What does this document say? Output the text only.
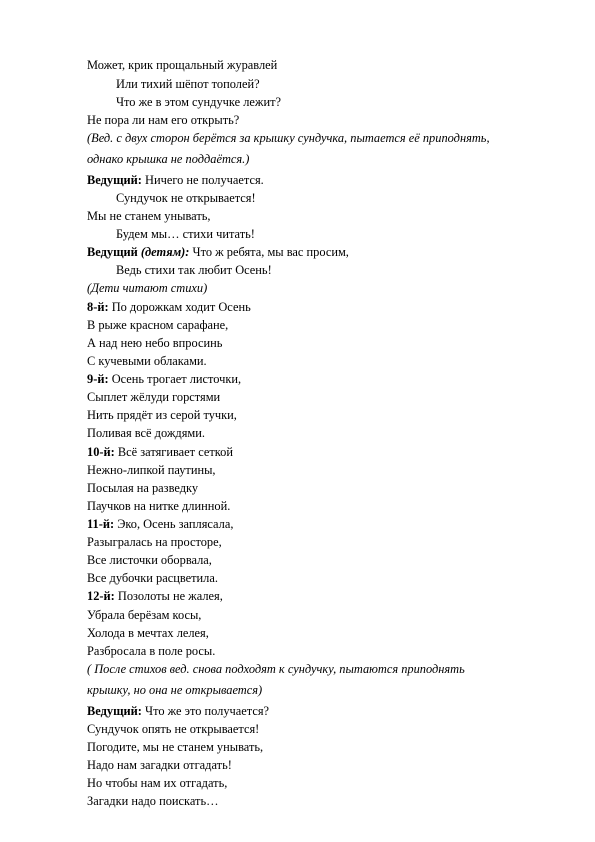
Может, крик прощальный журавлей
Или тихий шёпот тополей?
Что же в этом сундучке лежит?
Не пора ли нам его открыть?
(Вед. с двух сторон берётся за крышку сундучка, пытается её приподнять,
однако крышка не поддаётся.)
Ведущий: Ничего не получается.
Сундучок не открывается!
Мы не станем унывать,
Будем мы… стихи читать!
Ведущий (детям): Что ж ребята, мы вас просим,
Ведь стихи так любит Осень!
(Дети читают стихи)
8-й: По дорожкам ходит Осень
В рыже красном сарафане,
А над нею небо впросинь
С кучевыми облаками.
9-й: Осень трогает листочки,
Сыплет жёлуди горстями
Нить прядёт из серой тучки,
Поливая всё дождями.
10-й: Всё затягивает сеткой
Нежно-липкой паутины,
Посылая на разведку
Паучков на нитке длинной.
11-й: Эко, Осень заплясала,
Разыгралась на просторе,
Все листочки оборвала,
Все дубочки расцветила.
12-й: Позолоты не жалея,
Убрала берёзам косы,
Холода в мечтах лелея,
Разбросала в поле росы.
( После стихов вед. снова подходят к сундучку, пытаются приподнять
крышку, но она не открывается)
Ведущий: Что же это получается?
Сундучок опять не открывается!
Погодите, мы не станем унывать,
Надо нам загадки отгадать!
Но чтобы нам их отгадать,
Загадки надо поискать…
